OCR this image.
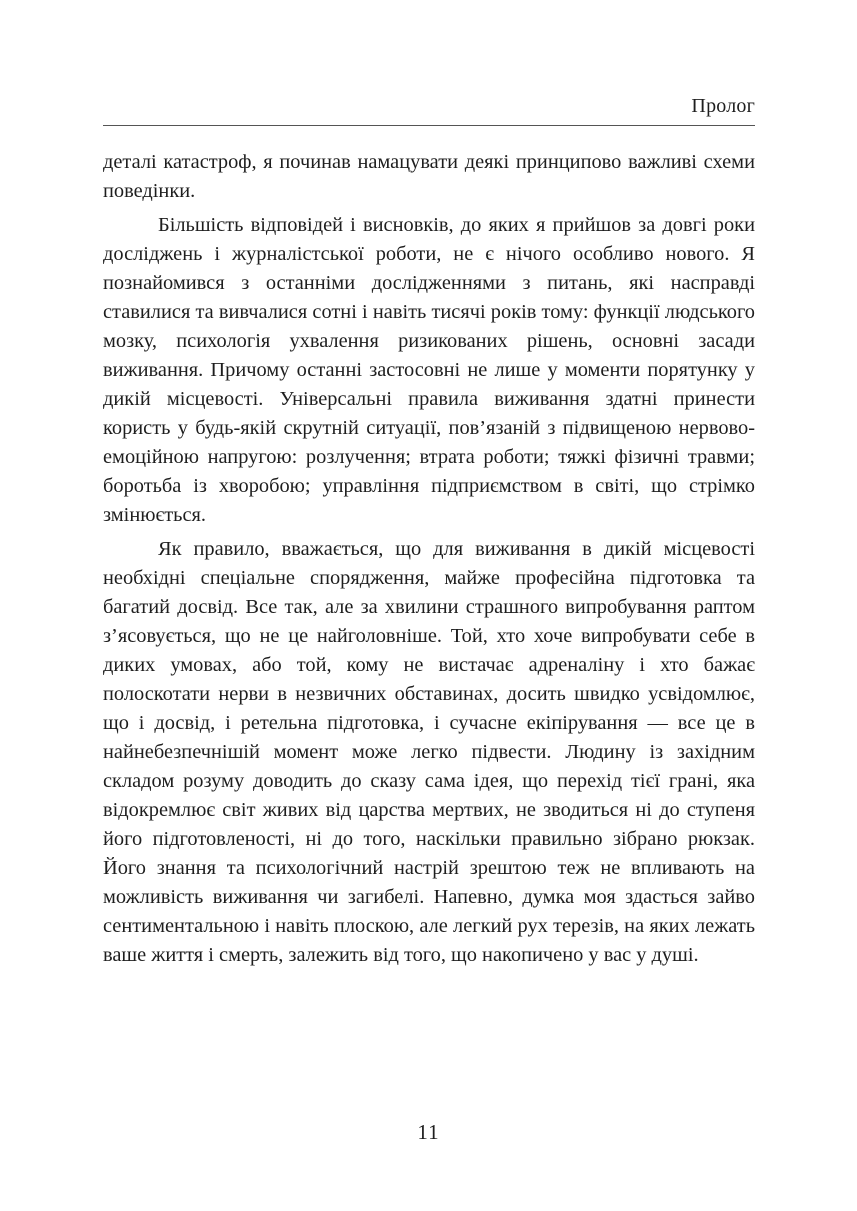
Пролог

деталі катастроф, я починав намацувати деякі принципово важливі схеми поведінки.

Більшість відповідей і висновків, до яких я прийшов за довгі роки досліджень і журналістської роботи, не є нічого особливо нового. Я познайомився з останніми дослідженнями з питань, які насправді ставилися та вивчалися сотні і навіть тисячі років тому: функції людського мозку, психологія ухвалення ризикованих рішень, основні засади виживання. Причому останні застосовні не лише у моменти порятунку у дикій місцевості. Універсальні правила виживання здатні принести користь у будь-якій скрутній ситуації, пов’язаній з підвищеною нервово-емоційною напругою: розлучення; втрата роботи; тяжкі фізичні травми; боротьба із хворобою; управління підприємством в світі, що стрімко змінюється.

Як правило, вважається, що для виживання в дикій місцевості необхідні спеціальне спорядження, майже професійна підготовка та багатий досвід. Все так, але за хвилини страшного випробування раптом з’ясовується, що не це найголовніше. Той, хто хоче випробувати себе в диких умовах, або той, кому не вистачає адреналіну і хто бажає полоскотати нерви в незвичних обставинах, досить швидко усвідомлює, що і досвід, і ретельна підготовка, і сучасне екіпірування — все це в найнебезпечнішій момент може легко підвести. Людину із західним складом розуму доводить до сказу сама ідея, що перехід тієї грані, яка відокремлює світ живих від царства мертвих, не зводиться ні до ступеня його підготовленості, ні до того, наскільки правильно зібрано рюкзак. Його знання та психологічний настрій зрештою теж не впливають на можливість виживання чи загибелі. Напевно, думка моя здасться зайво сентиментальною і навіть плоскою, але легкий рух терезів, на яких лежать ваше життя і смерть, залежить від того, що накопичено у вас у душі.

11
